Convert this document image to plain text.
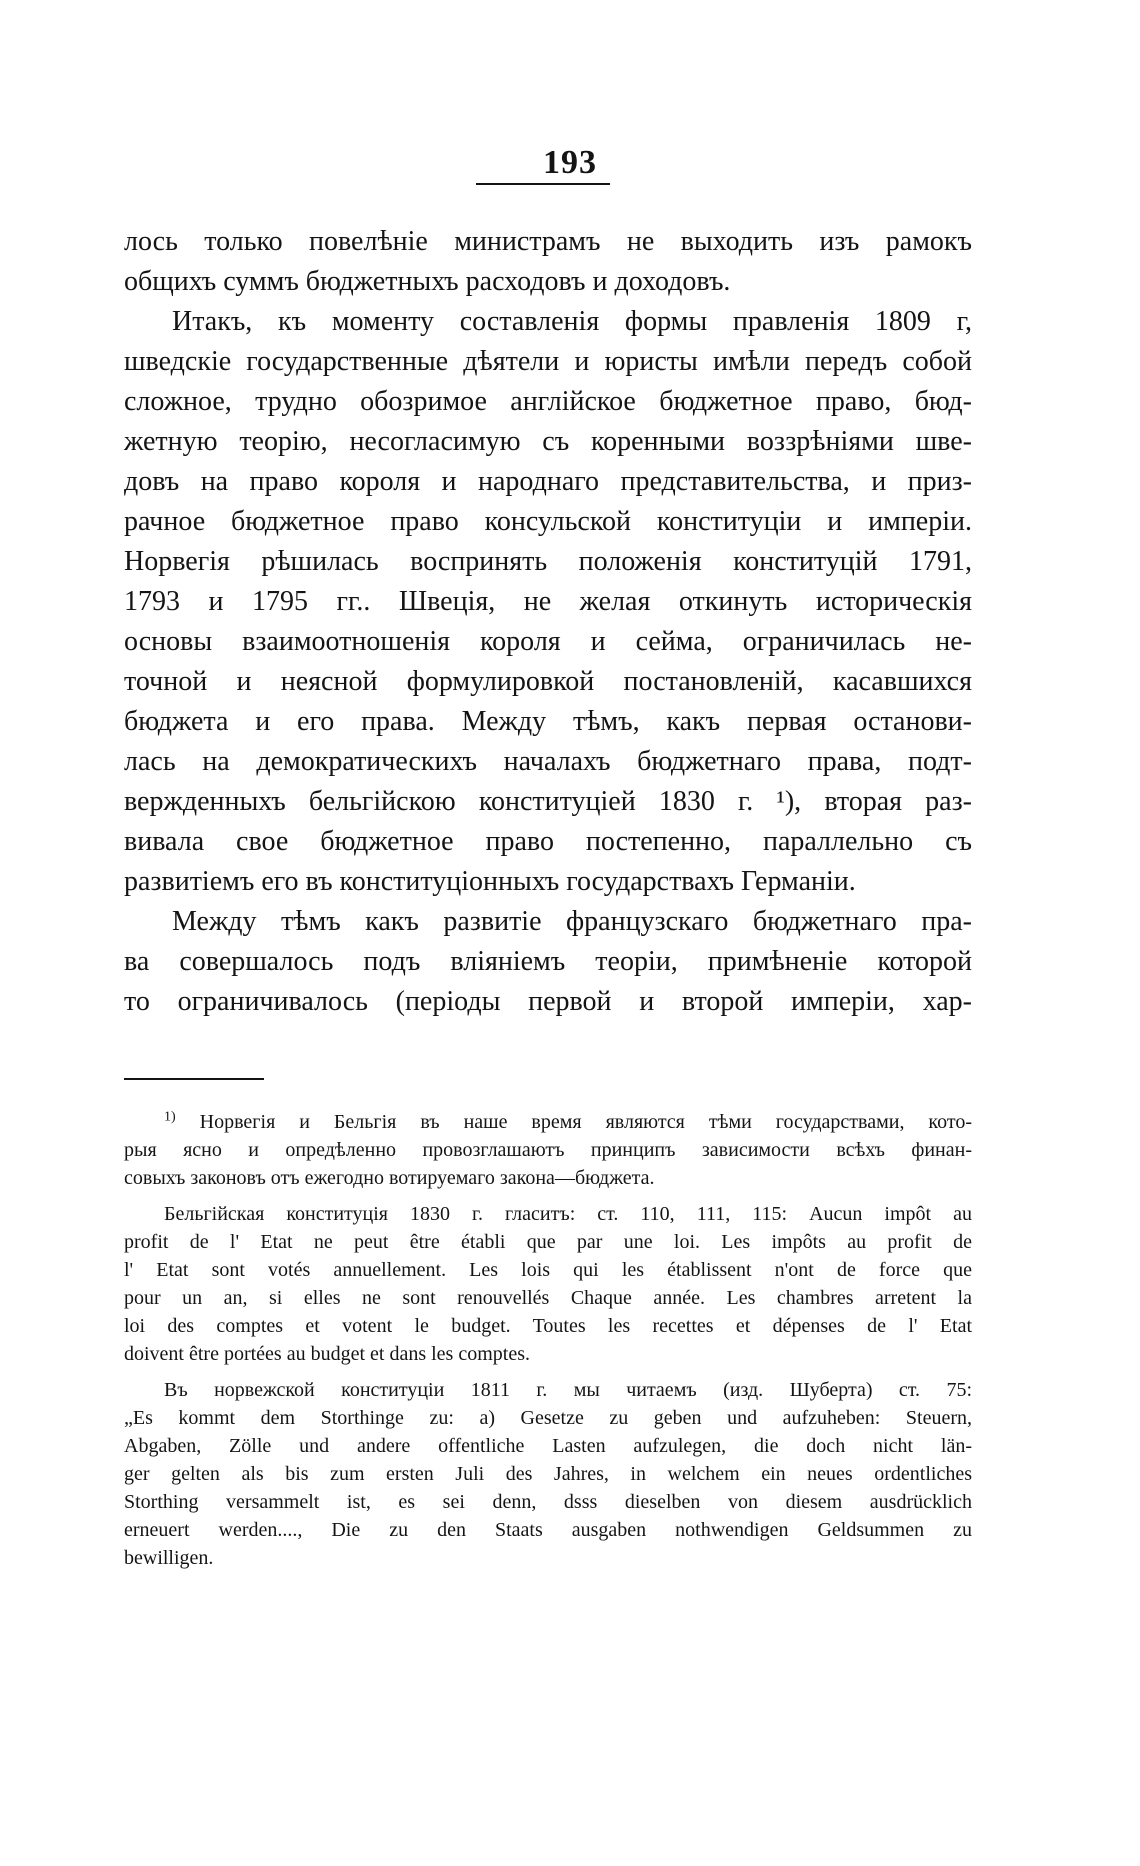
193
лось только повелѣніе министрамъ не выходить изъ рамокъ
общихъ суммъ бюджетныхъ расходовъ и доходовъ.
Итакъ, къ моменту составленія формы правленія 1809 г,
шведскіе государственные дѣятели и юристы имѣли передъ собой
сложное, трудно обозримое англійское бюджетное право, бюд-
жетную теорію, несогласимую съ коренными воззрѣніями шве-
довъ на право короля и народнаго представительства, и приз-
рачное бюджетное право консульской конституціи и имперіи.
Норвегія рѣшилась воспринять положенія конституцій 1791,
1793 и 1795 гг.. Швеція, не желая откинуть историческія
основы взаимоотношенія короля и сейма, ограничилась не-
точной и неясной формулировкой постановленій, касавшихся
бюджета и его права. Между тѣмъ, какъ первая останови-
лась на демократическихъ началахъ бюджетнаго права, подт-
вержденныхъ бельгійскою конституціей 1830 г. ¹), вторая раз-
вивала свое бюджетное право постепенно, параллельно съ
развитіемъ его въ конституціонныхъ государствахъ Германіи.
Между тѣмъ какъ развитіе французскаго бюджетнаго пра-
ва совершалось подъ вліяніемъ теоріи, примѣненіе которой
то ограничивалось (періоды первой и второй имперіи, хар-
$^{1)}$ Норвегія и Бельгія въ наше время являются тѣми государствами, кото-
рыя ясно и опредѣленно провозглашаютъ принципъ зависимости всѣхъ финан-
совыхъ законовъ отъ ежегодно вотируемаго закона—бюджета.
Бельгійская конституція 1830 г. гласитъ: ст. 110, 111, 115: Aucun impôt au
profit de l' Etat ne peut être établi que par une loi. Les impôts au profit de
l' Etat sont votés annuellement. Les lois qui les établissent n'ont de force que
pour un an, si elles ne sont renouvellés Chaque année. Les chambres arretent la
loi des comptes et votent le budget. Toutes les recettes et dépenses de l' Etat
doivent être portées au budget et dans les comptes.
Въ норвежской конституціи 1811 г. мы читаемъ (изд. Шуберта) ст. 75:
„Es kommt dem Storthinge zu: a) Gesetze zu geben und aufzuheben: Steuern,
Abgaben, Zölle und andere offentliche Lasten aufzulegen, die doch nicht län-
ger gelten als bis zum ersten Juli des Jahres, in welchem ein neues ordentliches
Storthing versammelt ist, es sei denn, dsss dieselben von diesem ausdrücklich
erneuert werden...., Die zu den Staats ausgaben nothwendigen Geldsummen zu
bewilligen.
